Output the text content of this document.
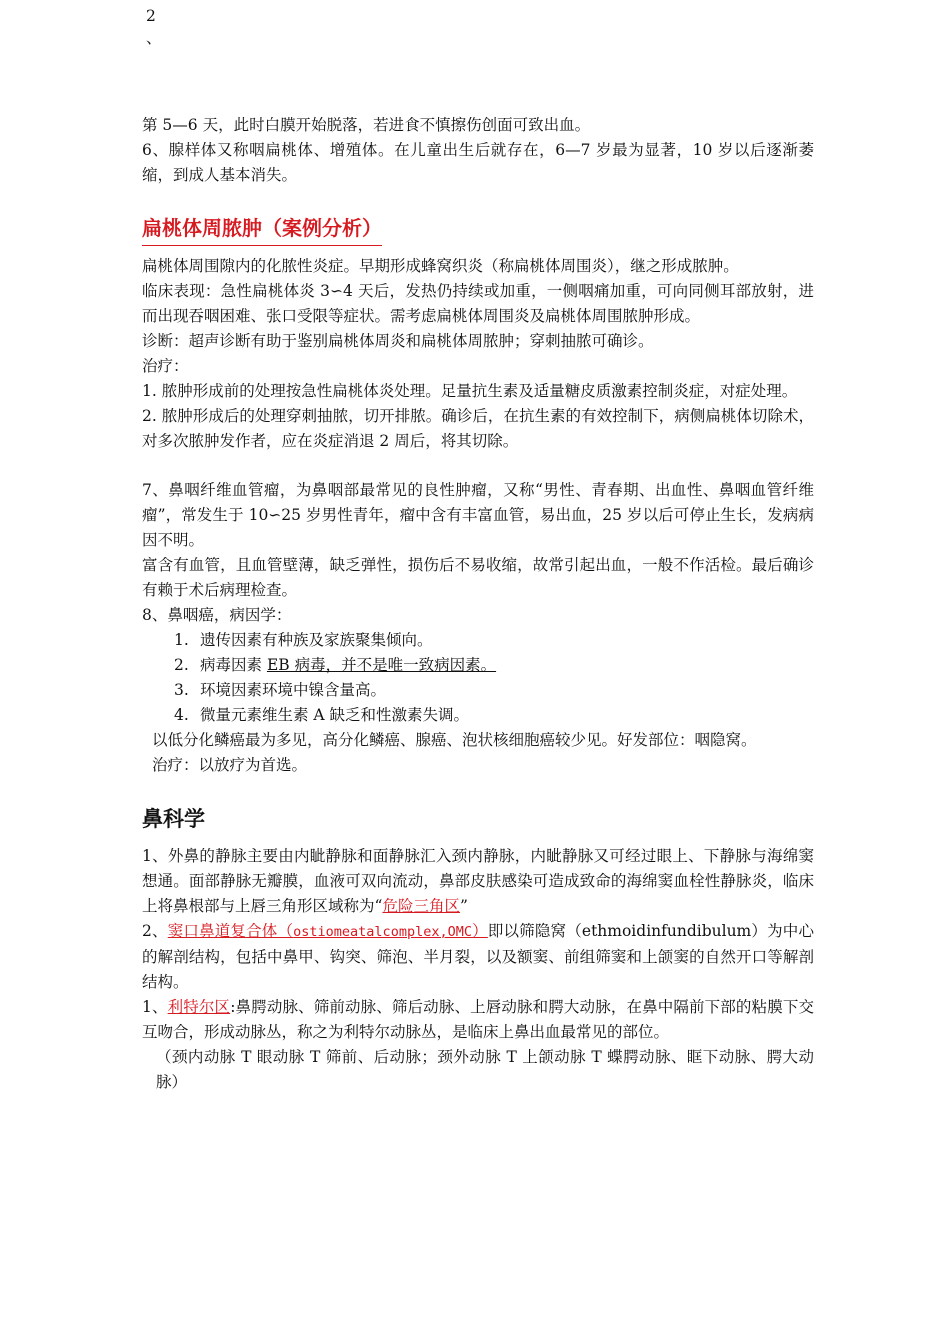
2
、

第 5—6 天，此时白膜开始脱落，若进食不慎擦伤创面可致出血。

6、腺样体又称咽扁桃体、增殖体。在儿童出生后就存在，6—7 岁最为显著，10 岁以后逐渐萎缩，到成人基本消失。

扁桃体周脓肿（案例分析）

扁桃体周围隙内的化脓性炎症。早期形成蜂窝织炎（称扁桃体周围炎），继之形成脓肿。

临床表现：急性扁桃体炎 3∽4 天后，发热仍持续或加重，一侧咽痛加重，可向同侧耳部放射，进而出现吞咽困难、张口受限等症状。需考虑扁桃体周围炎及扁桃体周围脓肿形成。

诊断：超声诊断有助于鉴别扁桃体周炎和扁桃体周脓肿；穿刺抽脓可确诊。

治疗：

1. 脓肿形成前的处理按急性扁桃体炎处理。足量抗生素及适量糖皮质激素控制炎症，对症处理。

2. 脓肿形成后的处理穿刺抽脓，切开排脓。确诊后，在抗生素的有效控制下，病侧扁桃体切除术，对多次脓肿发作者，应在炎症消退 2 周后，将其切除。

7、鼻咽纤维血管瘤，为鼻咽部最常见的良性肿瘤，又称“男性、青春期、出血性、鼻咽血管纤维瘤”，常发生于 10∽25 岁男性青年，瘤中含有丰富血管，易出血，25 岁以后可停止生长，发病病因不明。

富含有血管，且血管壁薄，缺乏弹性，损伤后不易收缩，故常引起出血，一般不作活检。最后确诊有赖于术后病理检查。

8、鼻咽癌，病因学：

1. 遗传因素有种族及家族聚集倾向。
2. 病毒因素 EB 病毒，并不是唯一致病因素。
3. 环境因素环境中镍含量高。
4. 微量元素维生素 A 缺乏和性激素失调。

以低分化鳞癌最为多见，高分化鳞癌、腺癌、泡状核细胞癌较少见。好发部位：咽隐窝。

治疗：以放疗为首选。

鼻科学

1、外鼻的静脉主要由内眦静脉和面静脉汇入颈内静脉，内眦静脉又可经过眼上、下静脉与海绵窦想通。面部静脉无瓣膜，血液可双向流动，鼻部皮肤感染可造成致命的海绵窦血栓性静脉炎，临床上将鼻根部与上唇三角形区域称为“危险三角区”

2、窦口鼻道复合体（ostiomeatalcomplex,OMC）即以筛隐窝（ethmoidinfundibulum）为中心的解剖结构，包括中鼻甲、钩突、筛泡、半月裂，以及额窦、前组筛窦和上颌窦的自然开口等解剖结构。

1、利特尔区:鼻腭动脉、筛前动脉、筛后动脉、上唇动脉和腭大动脉，在鼻中隔前下部的粘膜下交互吻合，形成动脉丛，称之为利特尔动脉丛，是临床上鼻出血最常见的部位。

（颈内动脉 T 眼动脉 T 筛前、后动脉；颈外动脉 T 上颌动脉 T 蝶腭动脉、眶下动脉、腭大动脉）
